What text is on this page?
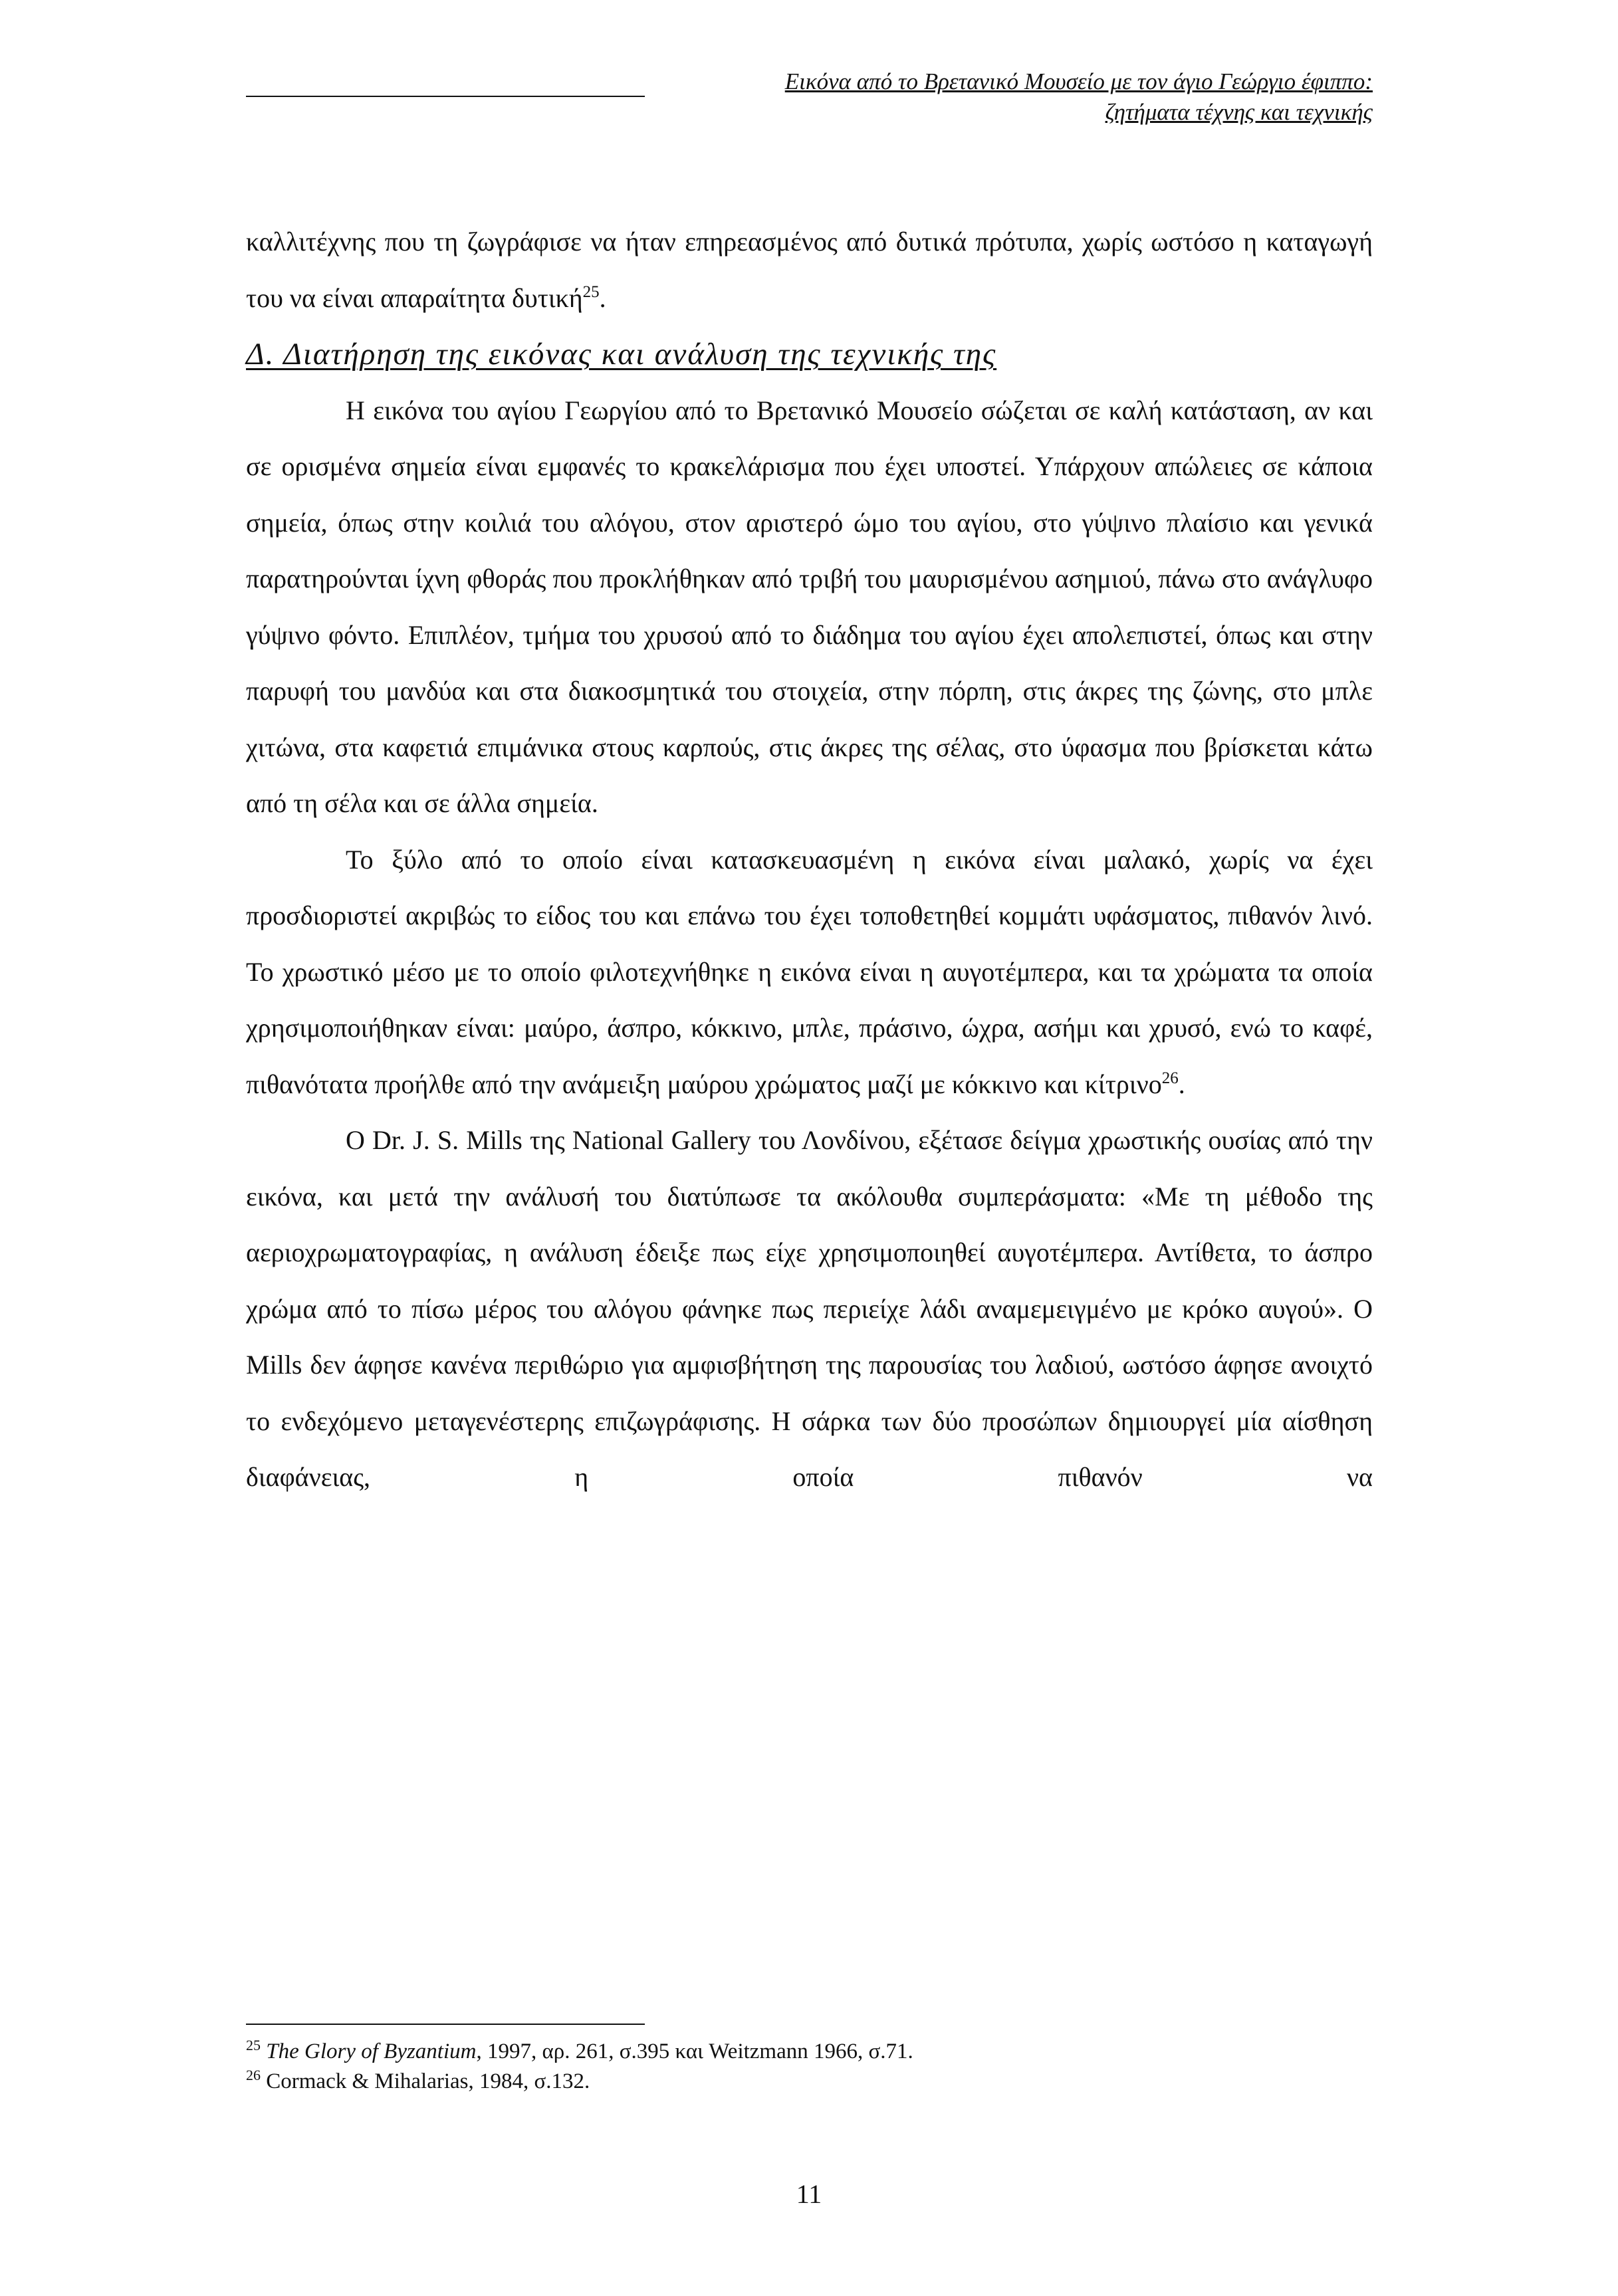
Εικόνα από το Βρετανικό Μουσείο με τον άγιο Γεώργιο έφιππο:
ζητήματα τέχνης και τεχνικής

καλλιτέχνης που τη ζωγράφισε να ήταν επηρεασμένος από δυτικά πρότυπα, χωρίς ωστόσο η καταγωγή του να είναι απαραίτητα δυτική$^{25}$.

Δ. Διατήρηση της εικόνας και ανάλυση της τεχνικής της

Η εικόνα του αγίου Γεωργίου από το Βρετανικό Μουσείο σώζεται σε καλή κατάσταση, αν και σε ορισμένα σημεία είναι εμφανές το κρακελάρισμα που έχει υποστεί. Υπάρχουν απώλειες σε κάποια σημεία, όπως στην κοιλιά του αλόγου, στον αριστερό ώμο του αγίου, στο γύψινο πλαίσιο και γενικά παρατηρούνται ίχνη φθοράς που προκλήθηκαν από τριβή του μαυρισμένου ασημιού, πάνω στο ανάγλυφο γύψινο φόντο. Επιπλέον, τμήμα του χρυσού από το διάδημα του αγίου έχει απολεπιστεί, όπως και στην παρυφή του μανδύα και στα διακοσμητικά του στοιχεία, στην πόρπη, στις άκρες της ζώνης, στο μπλε χιτώνα, στα καφετιά επιμάνικα στους καρπούς, στις άκρες της σέλας, στο ύφασμα που βρίσκεται κάτω από τη σέλα και σε άλλα σημεία.

Το ξύλο από το οποίο είναι κατασκευασμένη η εικόνα είναι μαλακό, χωρίς να έχει προσδιοριστεί ακριβώς το είδος του και επάνω του έχει τοποθετηθεί κομμάτι υφάσματος, πιθανόν λινό. Το χρωστικό μέσο με το οποίο φιλοτεχνήθηκε η εικόνα είναι η αυγοτέμπερα, και τα χρώματα τα οποία χρησιμοποιήθηκαν είναι: μαύρο, άσπρο, κόκκινο, μπλε, πράσινο, ώχρα, ασήμι και χρυσό, ενώ το καφέ, πιθανότατα προήλθε από την ανάμειξη μαύρου χρώματος μαζί με κόκκινο και κίτρινο$^{26}$.

Ο Dr. J. S. Mills της National Gallery του Λονδίνου, εξέτασε δείγμα χρωστικής ουσίας από την εικόνα, και μετά την ανάλυσή του διατύπωσε τα ακόλουθα συμπεράσματα: «Με τη μέθοδο της αεριοχρωματογραφίας, η ανάλυση έδειξε πως είχε χρησιμοποιηθεί αυγοτέμπερα. Αντίθετα, το άσπρο χρώμα από το πίσω μέρος του αλόγου φάνηκε πως περιείχε λάδι αναμεμειγμένο με κρόκο αυγού». Ο Mills δεν άφησε κανένα περιθώριο για αμφισβήτηση της παρουσίας του λαδιού, ωστόσο άφησε ανοιχτό το ενδεχόμενο μεταγενέστερης επιζωγράφισης. Η σάρκα των δύο προσώπων δημιουργεί μία αίσθηση διαφάνειας, η οποία πιθανόν να

$^{25}$ The Glory of Byzantium, 1997, αρ. 261, σ.395 και Weitzmann 1966, σ.71.

$^{26}$ Cormack & Mihalarias, 1984, σ.132.

11
